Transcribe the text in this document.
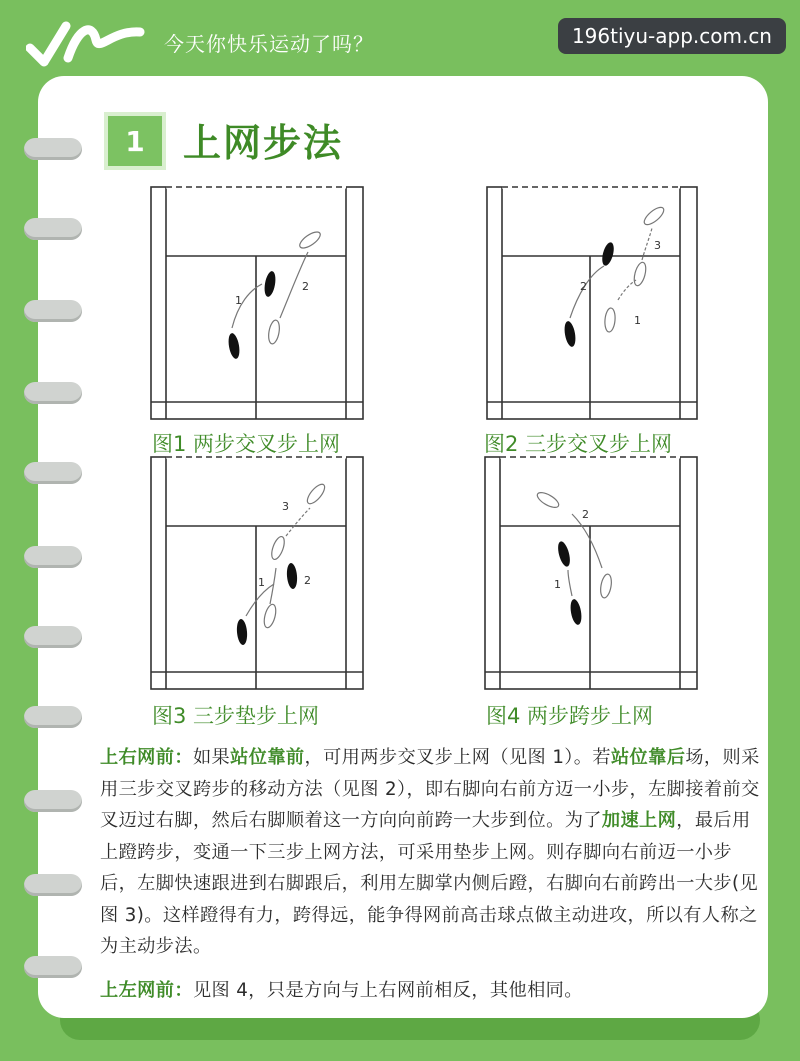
今天你快乐运动了吗？	196tiyu-app.com.cn
1	上网步法
1
2
图1 两步交叉步上网
2
3
1
图2 三步交叉步上网
3
1	2
图3 三步垫步上网
2
1
图4 两步跨步上网

上右网前：如果站位靠前，可用两步交叉步上网（见图 1）。若站位靠后场，则采用三步交叉跨步的移动方法（见图 2），即右脚向右前方迈一小步，左脚接着前交叉迈过右脚，然后右脚顺着这一方向向前跨一大步到位。为了加速上网，最后用上蹬跨步，变通一下三步上网方法，可采用垫步上网。则存脚向右前迈一小步后，左脚快速跟进到右脚跟后，利用左脚掌内侧后蹬，右脚向右前跨出一大步(见图 3)。这样蹬得有力，跨得远，能争得网前高击球点做主动进攻，所以有人称之为主动步法。

上左网前：见图 4，只是方向与上右网前相反，其他相同。
